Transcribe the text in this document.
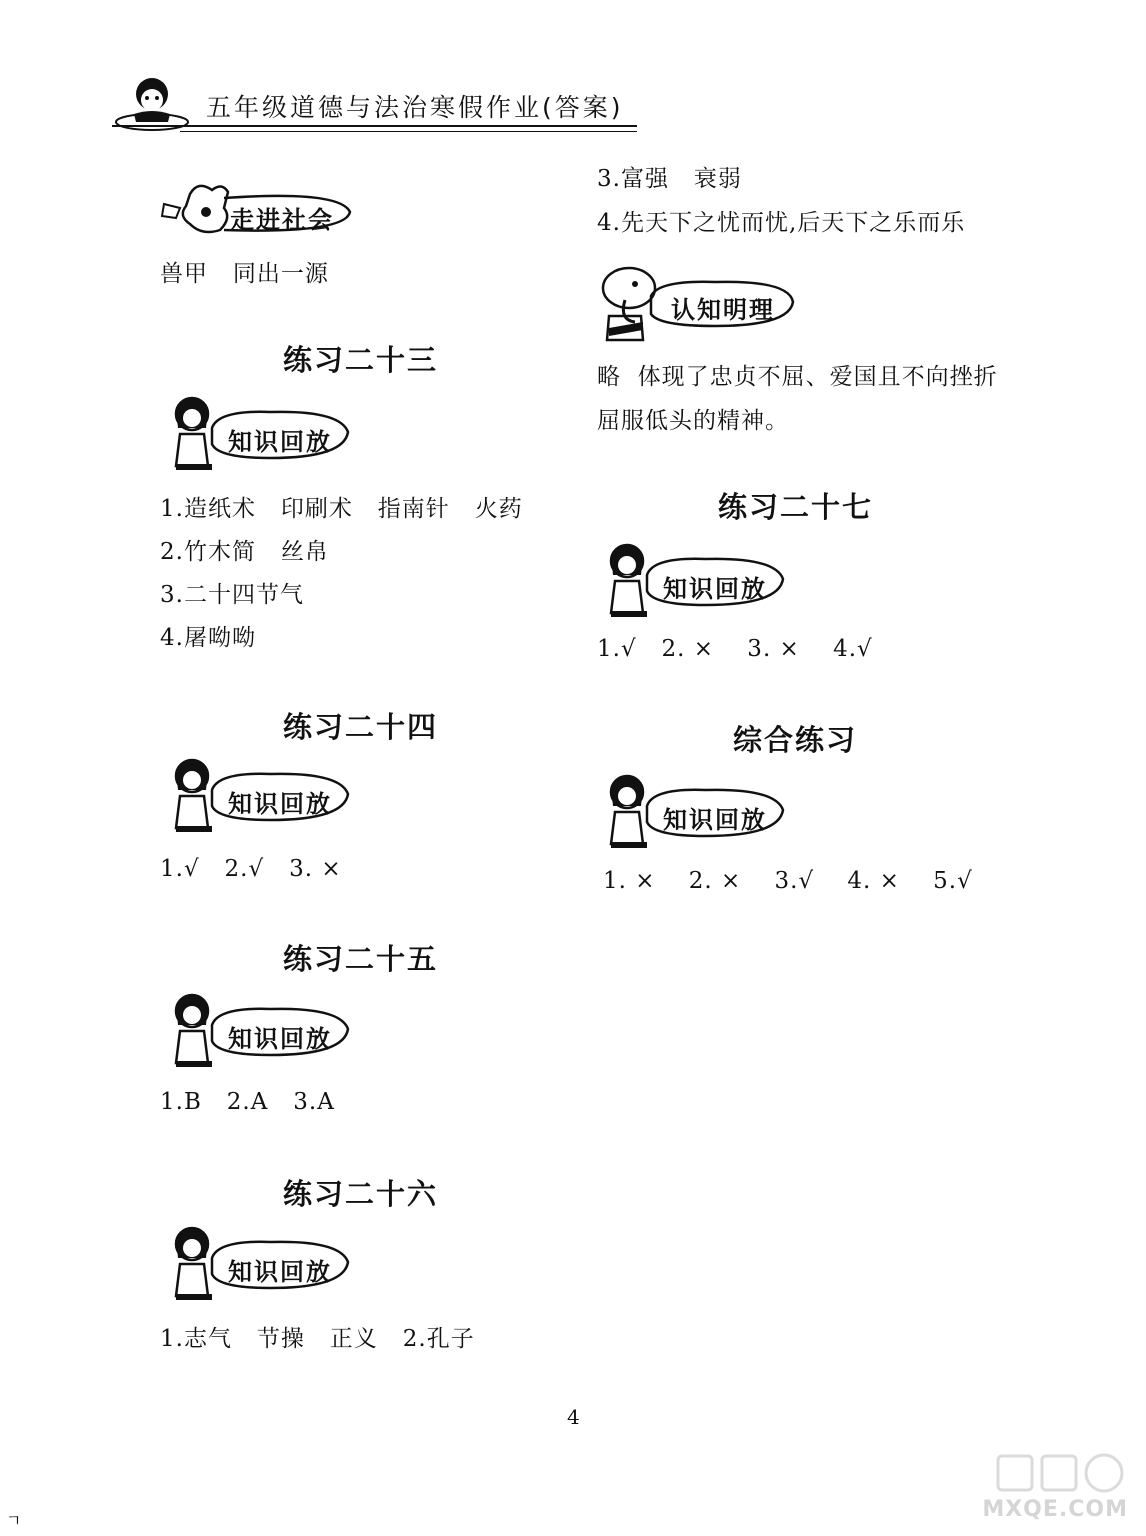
五年级道德与法治寒假作业(答案)
走进社会
兽甲   同出一源
练习二十三
知识回放
1.造纸术   印刷术   指南针   火药
2.竹木简   丝帛
3.二十四节气
4.屠呦呦
练习二十四
知识回放
1.√   2.√   3. ×
练习二十五
知识回放
1.B   2.A   3.A
练习二十六
知识回放
1.志气   节操   正义   2.孔子
3.富强   衰弱
4.先天下之忧而忧,后天下之乐而乐
认知明理
略  体现了忠贞不屈、爱国且不向挫折
屈服低头的精神。
练习二十七
知识回放
1.√   2. ×    3. ×    4.√
综合练习
知识回放
1. ×    2. ×    3.√    4. ×    5.√
4
ㄱ	MXQE.COM
